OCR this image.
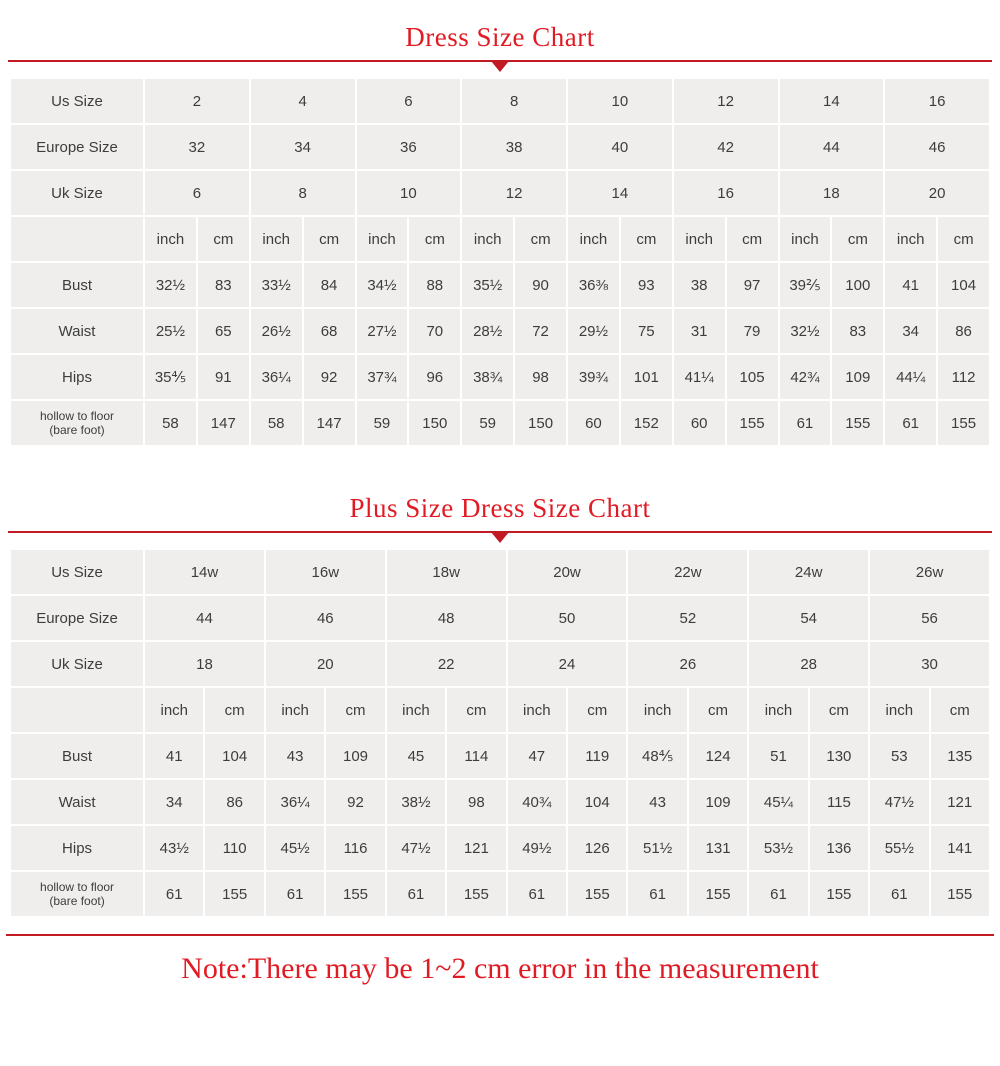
Dress Size Chart
Us Size	2		4		6		8		10		12		14		16	
Europe Size	32		34		36		38		40		42		44		46	
Uk Size	6		8		10		12		14		16		18		20	
	inch	cm	inch	cm	inch	cm	inch	cm	inch	cm	inch	cm	inch	cm	inch	cm
Bust	32½	83	33½	84	34½	88	35½	90	36⅜	93	38	97	39⅖	100	41	104
Waist	25½	65	26½	68	27½	70	28½	72	29½	75	31	79	32½	83	34	86
Hips	35⅘	91	36¼	92	37¾	96	38¾	98	39¾	101	41¼	105	42¾	109	44¼	112
hollow to floor
(bare foot)	58	147	58	147	59	150	59	150	60	152	60	155	61	155	61	155
Plus Size Dress Size Chart
Us Size	14w		16w		18w		20w		22w		24w		26w	
Europe Size	44		46		48		50		52		54		56	
Uk Size	18		20		22		24		26		28		30	
	inch	cm	inch	cm	inch	cm	inch	cm	inch	cm	inch	cm	inch	cm
Bust	41	104	43	109	45	114	47	119	48⅘	124	51	130	53	135
Waist	34	86	36¼	92	38½	98	40¾	104	43	109	45¼	115	47½	121
Hips	43½	110	45½	116	47½	121	49½	126	51½	131	53½	136	55½	141
hollow to floor
(bare foot)	61	155	61	155	61	155	61	155	61	155	61	155	61	155
Note:There may be 1~2 cm error in the measurement
